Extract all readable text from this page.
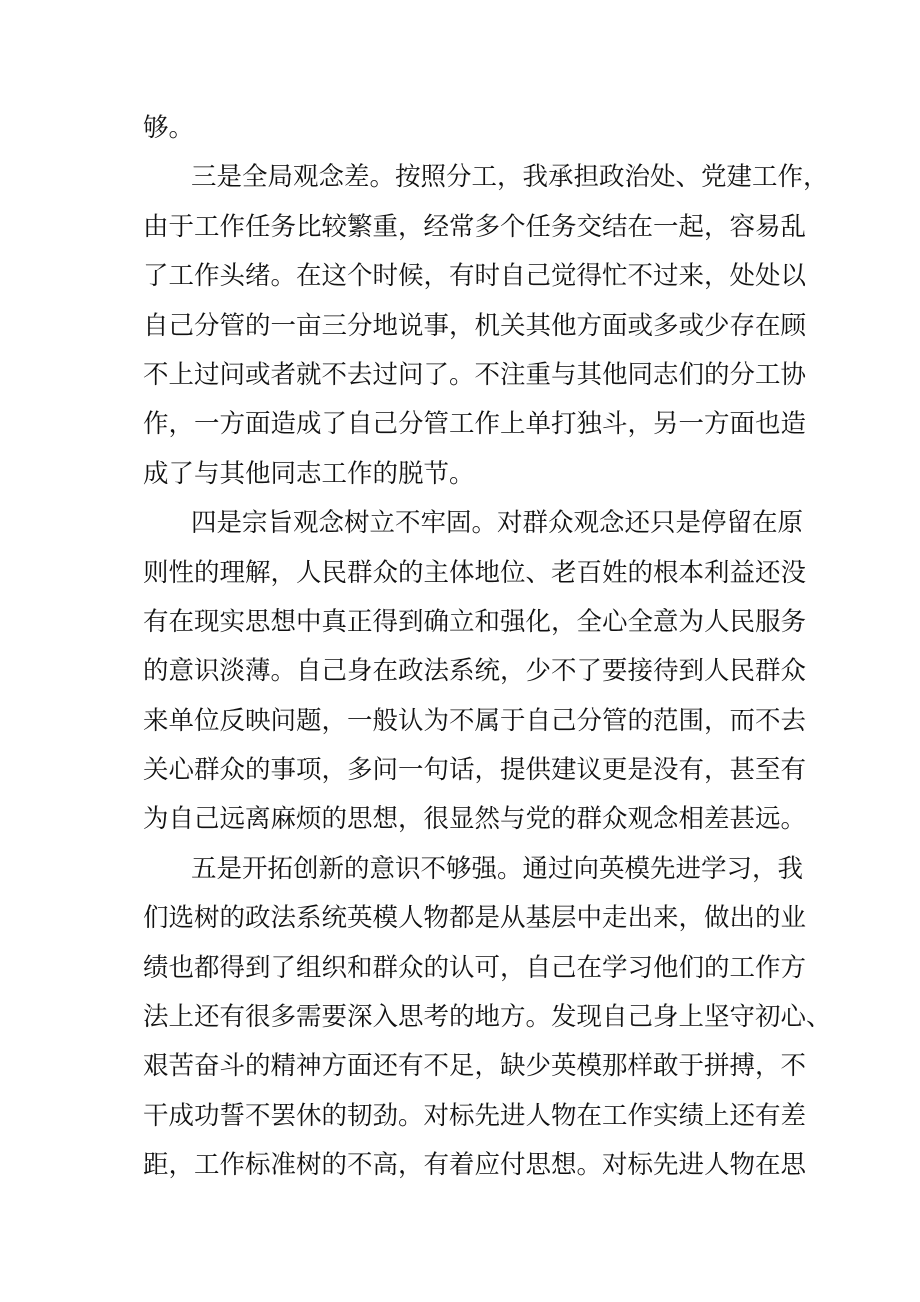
够。
三是全局观念差。按照分工，我承担政治处、党建工作，
由于工作任务比较繁重，经常多个任务交结在一起，容易乱
了工作头绪。在这个时候，有时自己觉得忙不过来，处处以
自己分管的一亩三分地说事，机关其他方面或多或少存在顾
不上过问或者就不去过问了。不注重与其他同志们的分工协
作，一方面造成了自己分管工作上单打独斗，另一方面也造
成了与其他同志工作的脱节。
四是宗旨观念树立不牢固。对群众观念还只是停留在原
则性的理解，人民群众的主体地位、老百姓的根本利益还没
有在现实思想中真正得到确立和强化，全心全意为人民服务
的意识淡薄。自己身在政法系统，少不了要接待到人民群众
来单位反映问题，一般认为不属于自己分管的范围，而不去
关心群众的事项，多问一句话，提供建议更是没有，甚至有
为自己远离麻烦的思想，很显然与党的群众观念相差甚远。
五是开拓创新的意识不够强。通过向英模先进学习，我
们选树的政法系统英模人物都是从基层中走出来，做出的业
绩也都得到了组织和群众的认可，自己在学习他们的工作方
法上还有很多需要深入思考的地方。发现自己身上坚守初心、
艰苦奋斗的精神方面还有不足，缺少英模那样敢于拼搏，不
干成功誓不罢休的韧劲。对标先进人物在工作实绩上还有差
距，工作标准树的不高，有着应付思想。对标先进人物在思
